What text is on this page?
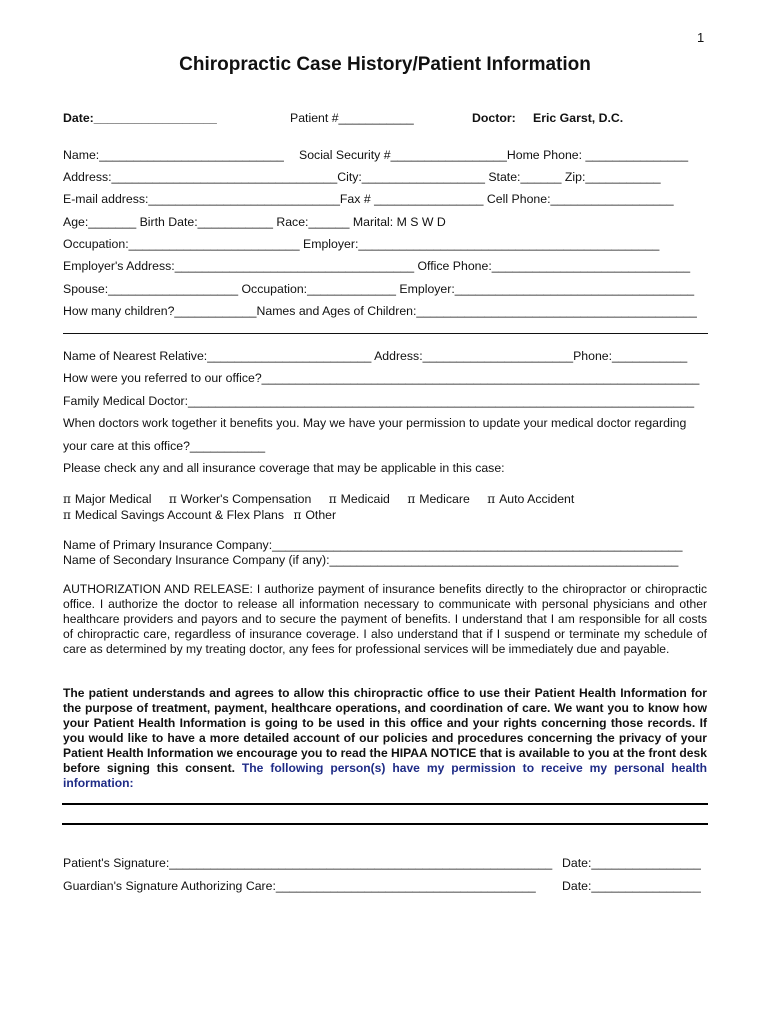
1
Chiropractic Case History/Patient Information
Date:__________________	Patient #___________	Doctor: Eric Garst, D.C.
Name:___________________________ Social Security #_________________Home Phone: _______________
Address:_________________________________City:__________________ State:______ Zip:___________
E-mail address:____________________________Fax # ________________ Cell Phone:__________________
Age:_______ Birth Date:___________ Race:______ Marital: M S W D
Occupation:_________________________ Employer:____________________________________________
Employer's Address:___________________________________ Office Phone:_____________________________
Spouse:___________________ Occupation:_____________ Employer:___________________________________
How many children?____________Names and Ages of Children:_________________________________________
Name of Nearest Relative:________________________ Address:______________________Phone:___________
How were you referred to our office?________________________________________________________________
Family Medical Doctor:__________________________________________________________________________
When doctors work together it benefits you. May we have your permission to update your medical doctor regarding
your care at this office?___________
Please check any and all insurance coverage that may be applicable in this case:
π Major Medical π Worker's Compensation π Medicaid π Medicare π Auto Accident
π Medical Savings Account & Flex Plans π Other
Name of Primary Insurance Company:____________________________________________________________
Name of Secondary Insurance Company (if any):___________________________________________________
AUTHORIZATION AND RELEASE: I authorize payment of insurance benefits directly to the chiropractor or chiropractic office. I authorize the doctor to release all information necessary to communicate with personal physicians and other healthcare providers and payors and to secure the payment of benefits. I understand that I am responsible for all costs of chiropractic care, regardless of insurance coverage. I also understand that if I suspend or terminate my schedule of care as determined by my treating doctor, any fees for professional services will be immediately due and payable.
The patient understands and agrees to allow this chiropractic office to use their Patient Health Information for the purpose of treatment, payment, healthcare operations, and coordination of care. We want you to know how your Patient Health Information is going to be used in this office and your rights concerning those records. If you would like to have a more detailed account of our policies and procedures concerning the privacy of your Patient Health Information we encourage you to read the HIPAA NOTICE that is available to you at the front desk before signing this consent. The following person(s) have my permission to receive my personal health information:
Patient's Signature:________________________________________________________ Date:________________
Guardian's Signature Authorizing Care:______________________________________ Date:________________
